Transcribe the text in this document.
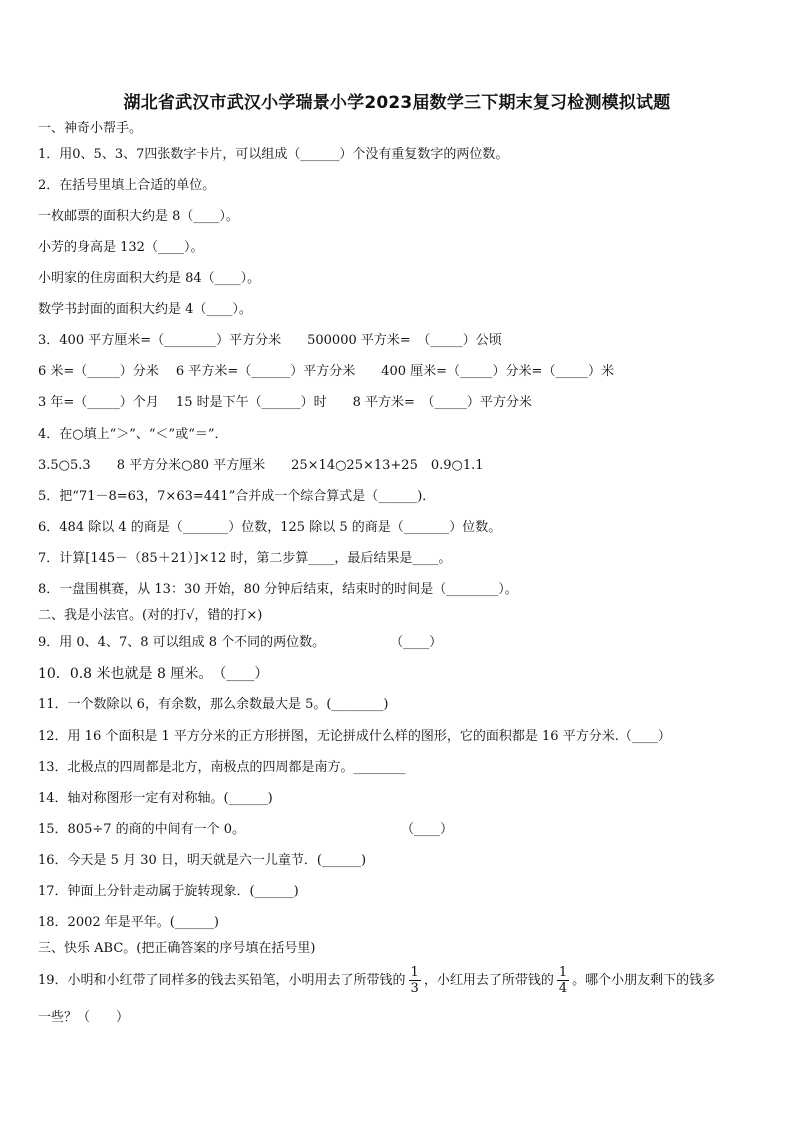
湖北省武汉市武汉小学瑞景小学2023届数学三下期末复习检测模拟试题
一、神奇小帮手。
1．用0、5、3、7四张数字卡片，可以组成（______）个没有重复数字的两位数。
2．在括号里填上合适的单位。
一枚邮票的面积大约是 8（____）。
小芳的身高是 132（____）。
小明家的住房面积大约是 84（____）。
数学书封面的面积大约是 4（____）。
3．400 平方厘米=（________）平方分米　　500000 平方米=　（_____）公顷
6 米=（_____）分米　 6 平方米=（______）平方分米　　400 厘米=（_____）分米=（_____）米
3 年=（_____）个月　 15 时是下午（______）时　　8 平方米=　（_____）平方分米
4．在○填上“＞”、“＜”或“＝”．
3.5○5.3　　8 平方分米○80 平方厘米　　25×14○25×13+25　0.9○1.1
5．把“71－8=63，7×63=441”合并成一个综合算式是（______)．
6．484 除以 4 的商是（_______）位数，125 除以 5 的商是（_______）位数。
7．计算[145－（85＋21）]×12 时，第二步算____，最后结果是____。
8．一盘围棋赛，从 13：30 开始，80 分钟后结束，结束时的时间是（________）。
二、我是小法官。(对的打√，错的打×)
9．用 0、4、7、8 可以组成 8 个不同的两位数。　　　　　　（____）
10．0.8 米也就是 8 厘米。　（____）
11．一个数除以 6，有余数，那么余数最大是 5。(________)
12．用 16 个面积是 1 平方分米的正方形拼图，无论拼成什么样的图形，它的面积都是 16 平方分米.（____）
13．北极点的四周都是北方，南极点的四周都是南方。________
14．轴对称图形一定有对称轴。(______)
15．805÷7 的商的中间有一个 0。　　　　　　　　　　　　　（____）
16．今天是 5 月 30 日，明天就是六一儿童节．(______)
17．钟面上分针走动属于旋转现象．(______)
18．2002 年是平年。(______)
三、快乐 ABC。(把正确答案的序号填在括号里)
19．小明和小红带了同样多的钱去买铅笔，小明用去了所带钱的 $\frac{1}{3}$ ，小红用去了所带钱的 $\frac{1}{4}$ 。哪个小朋友剩下的钱多
一些？（　　）
